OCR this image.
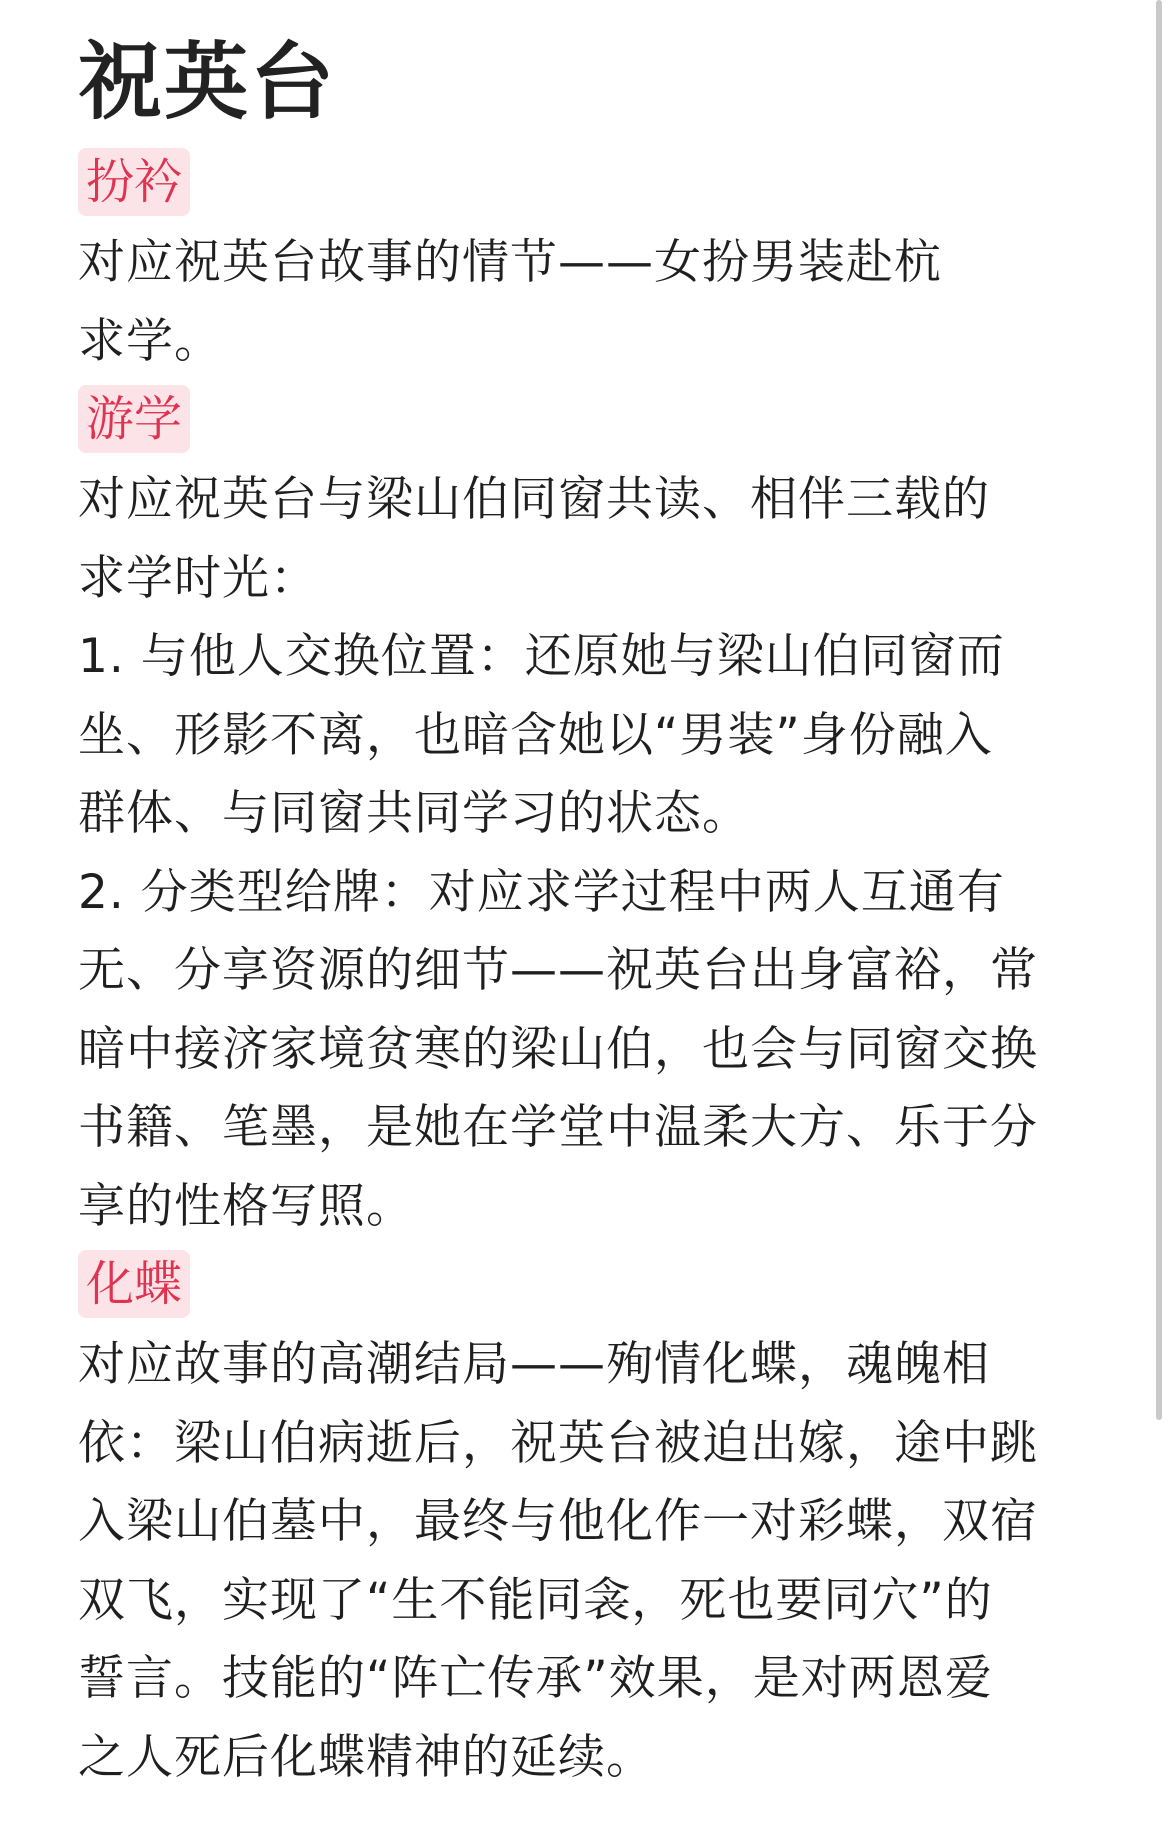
祝英台
扮衿

对应祝英台故事的情节——女扮男装赴杭
求学。

游学

对应祝英台与梁山伯同窗共读、相伴三载的
求学时光：
1. 与他人交换位置：还原她与梁山伯同窗而
坐、形影不离，也暗含她以“男装”身份融入
群体、与同窗共同学习的状态。
2. 分类型给牌：对应求学过程中两人互通有
无、分享资源的细节——祝英台出身富裕，常
暗中接济家境贫寒的梁山伯，也会与同窗交换
书籍、笔墨，是她在学堂中温柔大方、乐于分
享的性格写照。

化蝶

对应故事的高潮结局——殉情化蝶，魂魄相
依：梁山伯病逝后，祝英台被迫出嫁，途中跳
入梁山伯墓中，最终与他化作一对彩蝶，双宿
双飞，实现了“生不能同衾，死也要同穴”的
誓言。技能的“阵亡传承”效果，是对两恩爱
之人死后化蝶精神的延续。
